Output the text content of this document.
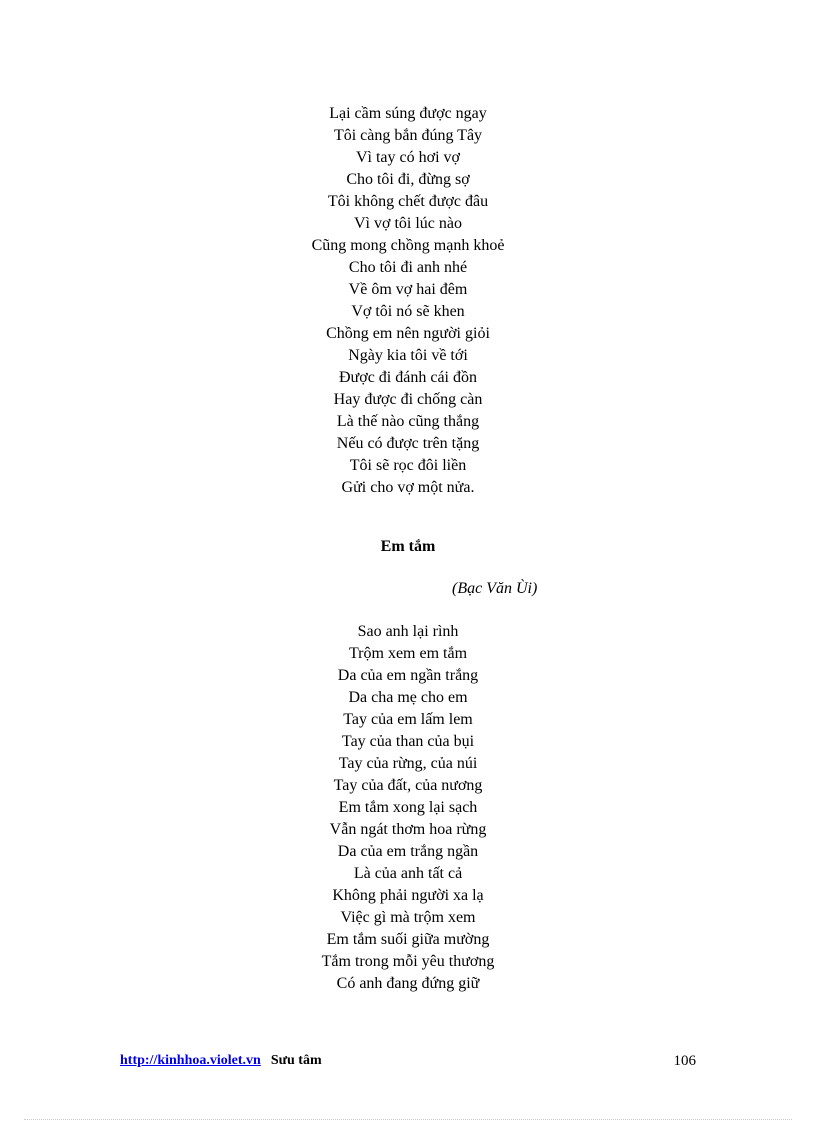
Lại cầm súng được ngay
Tôi càng bắn đúng Tây
Vì tay có hơi vợ
Cho tôi đi, đừng sợ
Tôi không chết được đâu
Vì vợ tôi lúc nào
Cũng mong chồng mạnh khoẻ
Cho tôi đi anh nhé
Về ôm vợ hai đêm
Vợ tôi nó sẽ khen
Chồng em nên người giỏi
Ngày kia tôi về tới
Được đi đánh cái đồn
Hay được đi chống càn
Là thế nào cũng thắng
Nếu có được trên tặng
Tôi sẽ rọc đôi liền
Gửi cho vợ một nửa.
Em tắm
(Bạc Văn Ùi)
Sao anh lại rình
Trộm xem em tắm
Da của em ngần trắng
Da cha mẹ cho em
Tay của em lấm lem
Tay của than của bụi
Tay của rừng, của núi
Tay của đất, của nương
Em tắm xong lại sạch
Vẫn ngát thơm hoa rừng
Da của em trắng ngần
Là của anh tất cả
Không phải người xa lạ
Việc gì mà trộm xem
Em tắm suối giữa mường
Tắm trong mỗi yêu thương
Có anh đang đứng giữ
http://kinhhoa.violet.vn Sưu tâm	106
